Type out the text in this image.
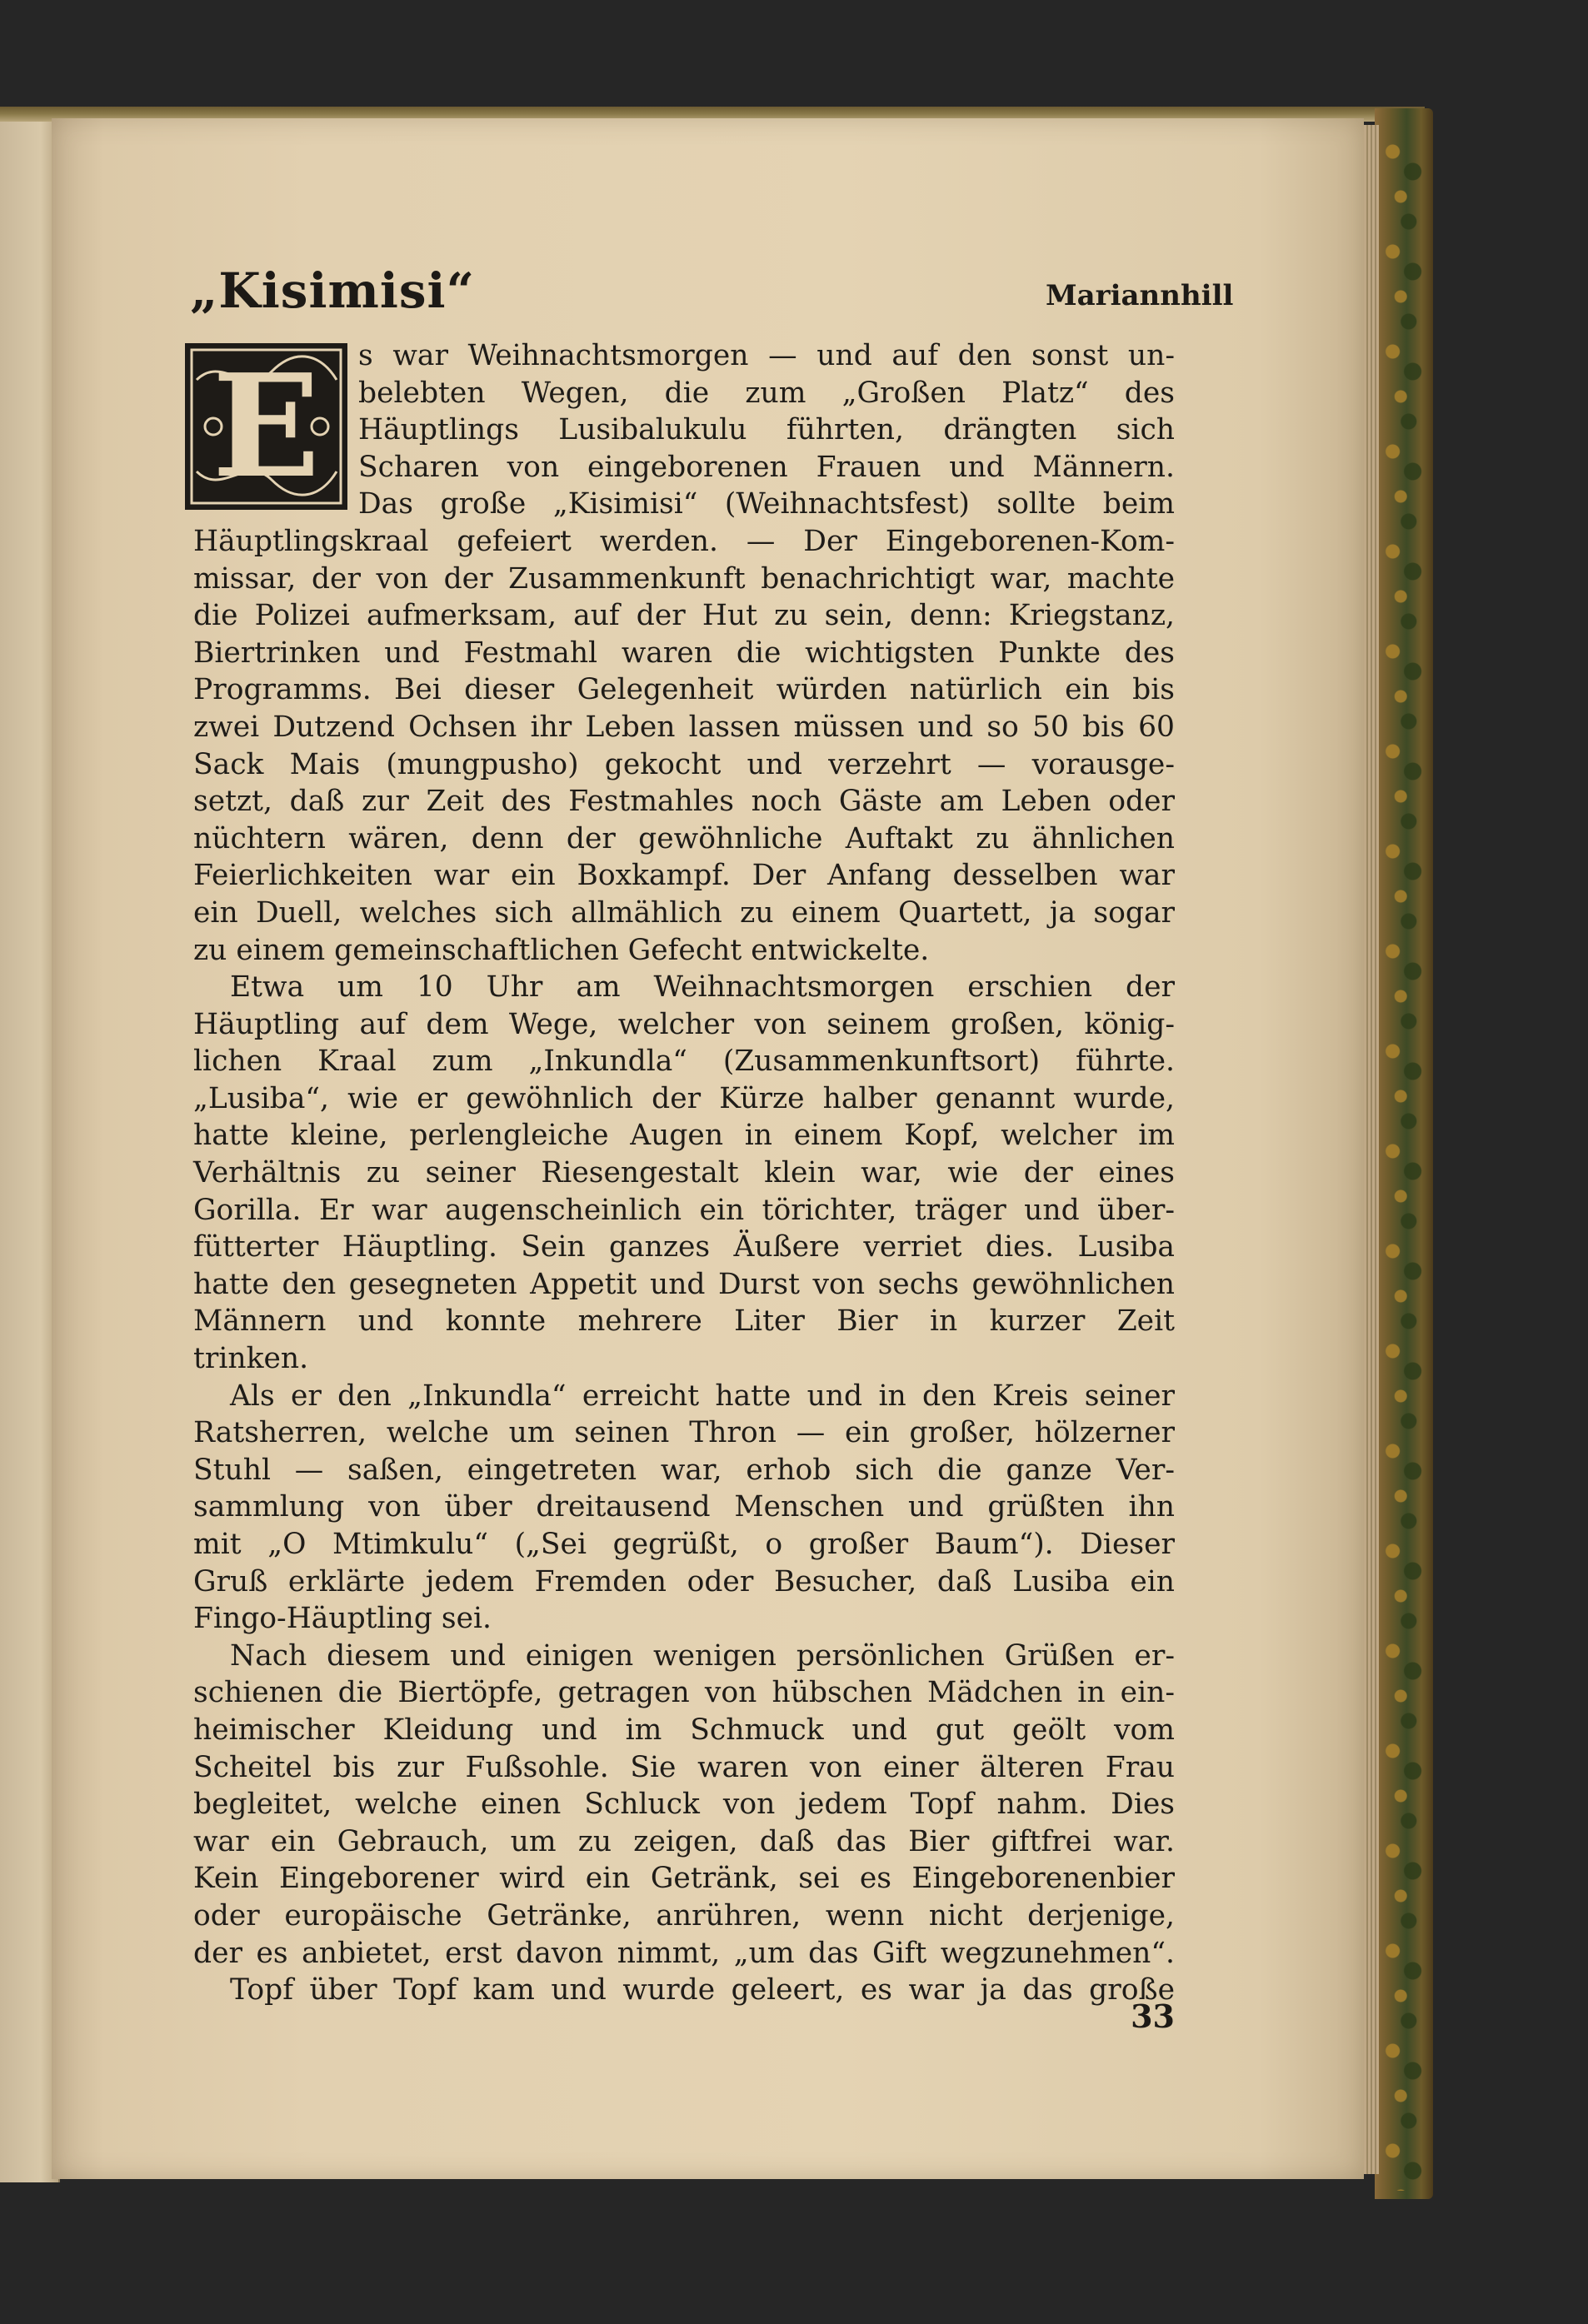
„Kisimisi“	Mariannhill
E	s war Weihnachtsmorgen — und auf den sonst un-
belebten Wegen, die zum „Großen Platz“ des
Häuptlings Lusibalukulu führten, drängten sich
Scharen von eingeborenen Frauen und Männern.
Das große „Kisimisi“ (Weihnachtsfest) sollte beim
Häuptlingskraal gefeiert werden. — Der Eingeborenen-Kom-
missar, der von der Zusammenkunft benachrichtigt war, machte
die Polizei aufmerksam, auf der Hut zu sein, denn: Kriegstanz,
Biertrinken und Festmahl waren die wichtigsten Punkte des
Programms. Bei dieser Gelegenheit würden natürlich ein bis
zwei Dutzend Ochsen ihr Leben lassen müssen und so 50 bis 60
Sack Mais (mungpusho) gekocht und verzehrt — vorausge-
setzt, daß zur Zeit des Festmahles noch Gäste am Leben oder
nüchtern wären, denn der gewöhnliche Auftakt zu ähnlichen
Feierlichkeiten war ein Boxkampf. Der Anfang desselben war
ein Duell, welches sich allmählich zu einem Quartett, ja sogar
zu einem gemeinschaftlichen Gefecht entwickelte.
Etwa um 10 Uhr am Weihnachtsmorgen erschien der
Häuptling auf dem Wege, welcher von seinem großen, könig-
lichen Kraal zum „Inkundla“ (Zusammenkunftsort) führte.
„Lusiba“, wie er gewöhnlich der Kürze halber genannt wurde,
hatte kleine, perlengleiche Augen in einem Kopf, welcher im
Verhältnis zu seiner Riesengestalt klein war, wie der eines
Gorilla. Er war augenscheinlich ein törichter, träger und über-
fütterter Häuptling. Sein ganzes Äußere verriet dies. Lusiba
hatte den gesegneten Appetit und Durst von sechs gewöhnlichen
Männern und konnte mehrere Liter Bier in kurzer Zeit
trinken.
Als er den „Inkundla“ erreicht hatte und in den Kreis seiner
Ratsherren, welche um seinen Thron — ein großer, hölzerner
Stuhl — saßen, eingetreten war, erhob sich die ganze Ver-
sammlung von über dreitausend Menschen und grüßten ihn
mit „O Mtimkulu“ („Sei gegrüßt, o großer Baum“). Dieser
Gruß erklärte jedem Fremden oder Besucher, daß Lusiba ein
Fingo-Häuptling sei.
Nach diesem und einigen wenigen persönlichen Grüßen er-
schienen die Biertöpfe, getragen von hübschen Mädchen in ein-
heimischer Kleidung und im Schmuck und gut geölt vom
Scheitel bis zur Fußsohle. Sie waren von einer älteren Frau
begleitet, welche einen Schluck von jedem Topf nahm. Dies
war ein Gebrauch, um zu zeigen, daß das Bier giftfrei war.
Kein Eingeborener wird ein Getränk, sei es Eingeborenenbier
oder europäische Getränke, anrühren, wenn nicht derjenige,
der es anbietet, erst davon nimmt, „um das Gift wegzunehmen“.
Topf über Topf kam und wurde geleert, es war ja das große
33
